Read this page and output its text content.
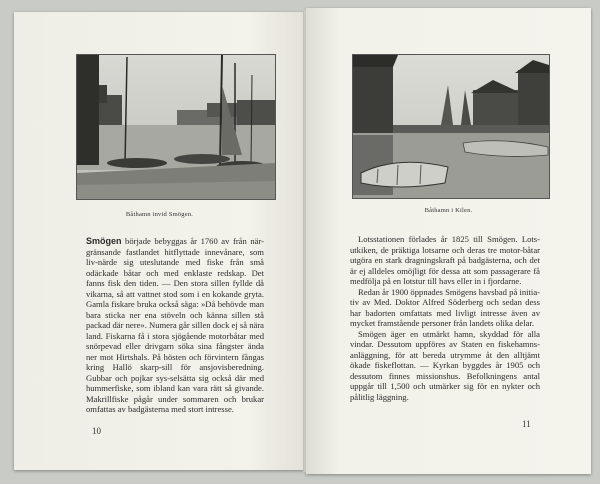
Båthamn invid Smögen.

Smögen började bebyggas år 1760 av från när-gränsande fastlandet hitflyttade innevånare, som liv-närde sig uteslutande med fiske från små odäckade båtar och med enklaste redskap. Det fanns fisk den tiden. — Den stora sillen fyllde då vikarna, så att vattnet stod som i en kokande gryta. Gamla fiskare bruka också säga: »Då behövde man bara sticka ner ena stöveln och känna sillen stå packad där nere». Numera går sillen dock ej så nära land. Fiskarna få i stora sjögående motorbåtar med snörpevad eller drivgarn söka sina fångster ända ner mot Hirtshals. På hösten och förvintern fångas kring Hallö skarp-sill för ansjovisberedning. Gubbar och pojkar sys-selsätta sig också där med hummerfiske, som ibland kan vara rätt så givande. Makrillfiske pågår under sommaren och brukar omfattas av badgästerna med stort intresse.

10
Båthamn i Kilen.

Lotsstationen förlades år 1825 till Smögen. Lots-utkiken, de präktiga lotsarne och deras tre motor-båtar utgöra en stark dragningskraft på badgästerna, och det är ej alldeles omöjligt för dessa att som passagerare få medfölja på en lotstur till havs eller in i fjordarne.

Redan år 1900 öppnades Smögens havsbad på initia-tiv av Med. Doktor Alfred Söderberg och sedan dess har badorten omfattats med livligt intresse även av mycket framstående personer från landets olika delar.

Smögen äger en utmärkt hamn, skyddad för alla vindar. Dessutom uppföres av Staten en fiskehamns-anläggning, för att bereda utrymme åt den alltjämt ökade fiskeflottan. — Kyrkan byggdes år 1905 och dessutom finnes missionshus. Befolkningens antal uppgår till 1,500 och utmärker sig för en nykter och pålitlig läggning.

11
